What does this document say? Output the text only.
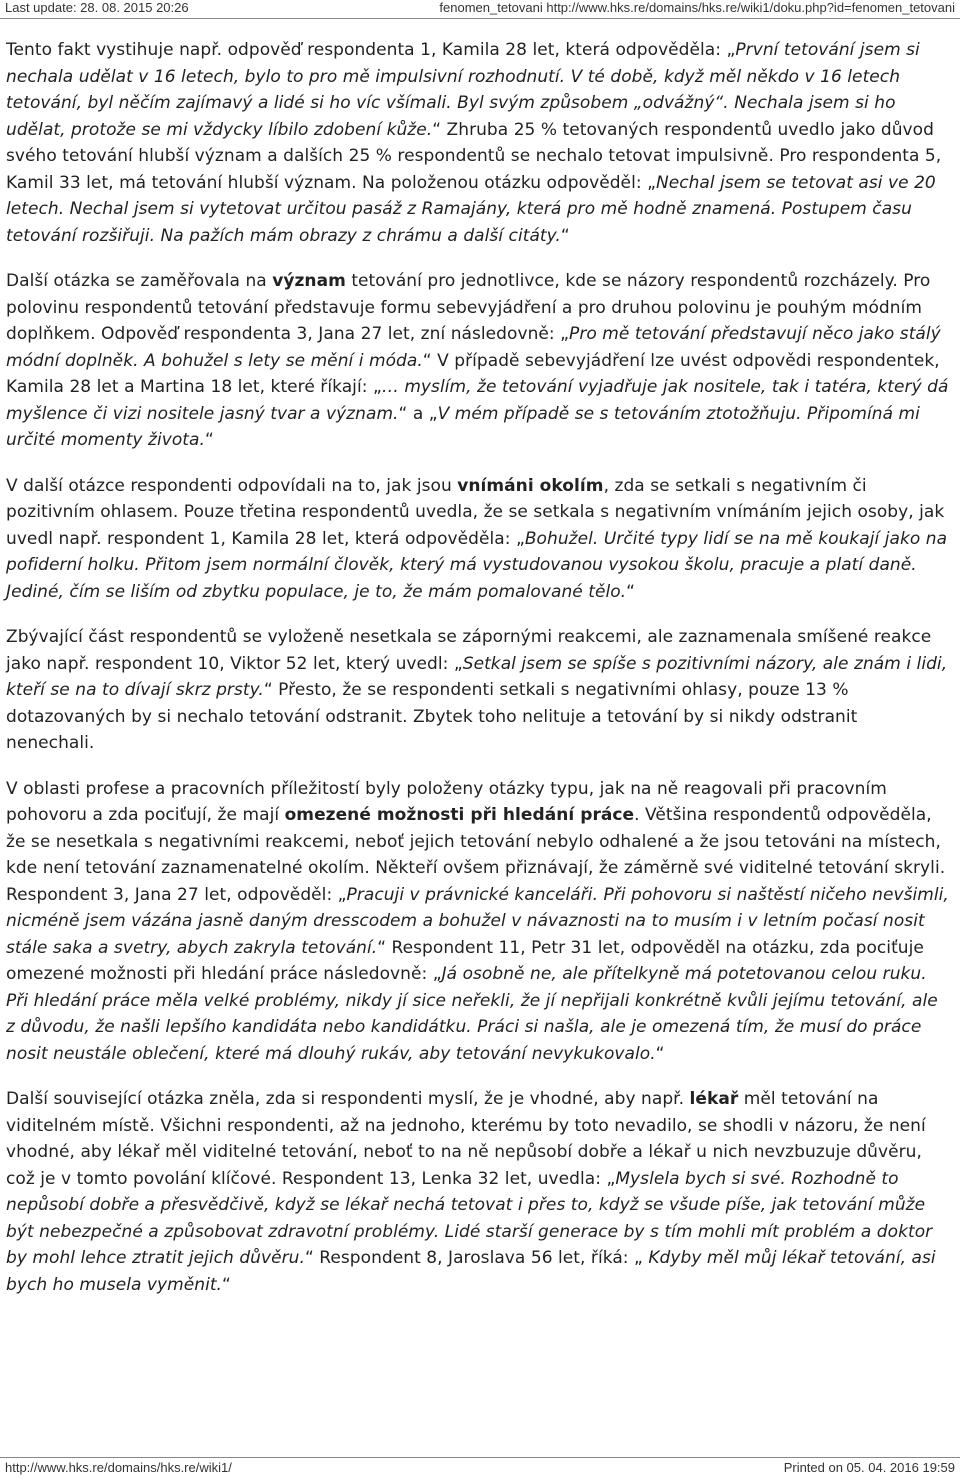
Last update: 28. 08. 2015 20:26	fenomen_tetovani http://www.hks.re/domains/hks.re/wiki1/doku.php?id=fenomen_tetovani

Tento fakt vystihuje např. odpověď respondenta 1, Kamila 28 let, která odpověděla: „První tetování jsem si nechala udělat v 16 letech, bylo to pro mě impulsivní rozhodnutí. V té době, když měl někdo v 16 letech tetování, byl něčím zajímavý a lidé si ho víc všímali. Byl svým způsobem „odvážný“. Nechala jsem si ho udělat, protože se mi vždycky líbilo zdobení kůže.“ Zhruba 25 % tetovaných respondentů uvedlo jako důvod svého tetování hlubší význam a dalších 25 % respondentů se nechalo tetovat impulsivně. Pro respondenta 5, Kamil 33 let, má tetování hlubší význam. Na položenou otázku odpověděl: „Nechal jsem se tetovat asi ve 20 letech. Nechal jsem si vytetovat určitou pasáž z Ramajány, která pro mě hodně znamená. Postupem času tetování rozšiřuji. Na pažích mám obrazy z chrámu a další citáty.“

Další otázka se zaměřovala na význam tetování pro jednotlivce, kde se názory respondentů rozcházely. Pro polovinu respondentů tetování představuje formu sebevyjádření a pro druhou polovinu je pouhým módním doplňkem. Odpověď respondenta 3, Jana 27 let, zní následovně: „Pro mě tetování představují něco jako stálý módní doplněk. A bohužel s lety se mění i móda.“ V případě sebevyjádření lze uvést odpovědi respondentek, Kamila 28 let a Martina 18 let, které říkají: „… myslím, že tetování vyjadřuje jak nositele, tak i tatéra, který dá myšlence či vizi nositele jasný tvar a význam.“ a „V mém případě se s tetováním ztotožňuju. Připomíná mi určité momenty života.“

V další otázce respondenti odpovídali na to, jak jsou vnímáni okolím, zda se setkali s negativním či pozitivním ohlasem. Pouze třetina respondentů uvedla, že se setkala s negativním vnímáním jejich osoby, jak uvedl např. respondent 1, Kamila 28 let, která odpověděla: „Bohužel. Určité typy lidí se na mě koukají jako na pofiderní holku. Přitom jsem normální člověk, který má vystudovanou vysokou školu, pracuje a platí daně. Jediné, čím se liším od zbytku populace, je to, že mám pomalované tělo.“

Zbývající část respondentů se vyloženě nesetkala se zápornými reakcemi, ale zaznamenala smíšené reakce jako např. respondent 10, Viktor 52 let, který uvedl: „Setkal jsem se spíše s pozitivními názory, ale znám i lidi, kteří se na to dívají skrz prsty.“ Přesto, že se respondenti setkali s negativními ohlasy, pouze 13 % dotazovaných by si nechalo tetování odstranit. Zbytek toho nelituje a tetování by si nikdy odstranit nenechali.

V oblasti profese a pracovních příležitostí byly položeny otázky typu, jak na ně reagovali při pracovním pohovoru a zda pociťují, že mají omezené možnosti při hledání práce. Většina respondentů odpověděla, že se nesetkala s negativními reakcemi, neboť jejich tetování nebylo odhalené a že jsou tetováni na místech, kde není tetování zaznamenatelné okolím. Někteří ovšem přiznávají, že záměrně své viditelné tetování skryli. Respondent 3, Jana 27 let, odpověděl: „Pracuji v právnické kanceláři. Při pohovoru si naštěstí ničeho nevšimli, nicméně jsem vázána jasně daným dresscodem a bohužel v návaznosti na to musím i v letním počasí nosit stále saka a svetry, abych zakryla tetování.“ Respondent 11, Petr 31 let, odpověděl na otázku, zda pociťuje omezené možnosti při hledání práce následovně: „Já osobně ne, ale přítelkyně má potetovanou celou ruku. Při hledání práce měla velké problémy, nikdy jí sice neřekli, že jí nepřijali konkrétně kvůli jejímu tetování, ale z důvodu, že našli lepšího kandidáta nebo kandidátku. Práci si našla, ale je omezená tím, že musí do práce nosit neustále oblečení, které má dlouhý rukáv, aby tetování nevykukovalo.“

Další související otázka zněla, zda si respondenti myslí, že je vhodné, aby např. lékař měl tetování na viditelném místě. Všichni respondenti, až na jednoho, kterému by toto nevadilo, se shodli v názoru, že není vhodné, aby lékař měl viditelné tetování, neboť to na ně nepůsobí dobře a lékař u nich nevzbuzuje důvěru, což je v tomto povolání klíčové. Respondent 13, Lenka 32 let, uvedla: „Myslela bych si své. Rozhodně to nepůsobí dobře a přesvědčivě, když se lékař nechá tetovat i přes to, když se všude píše, jak tetování může být nebezpečné a způsobovat zdravotní problémy. Lidé starší generace by s tím mohli mít problém a doktor by mohl lehce ztratit jejich důvěru.“ Respondent 8, Jaroslava 56 let, říká: „ Kdyby měl můj lékař tetování, asi bych ho musela vyměnit.“

http://www.hks.re/domains/hks.re/wiki1/	Printed on 05. 04. 2016 19:59
